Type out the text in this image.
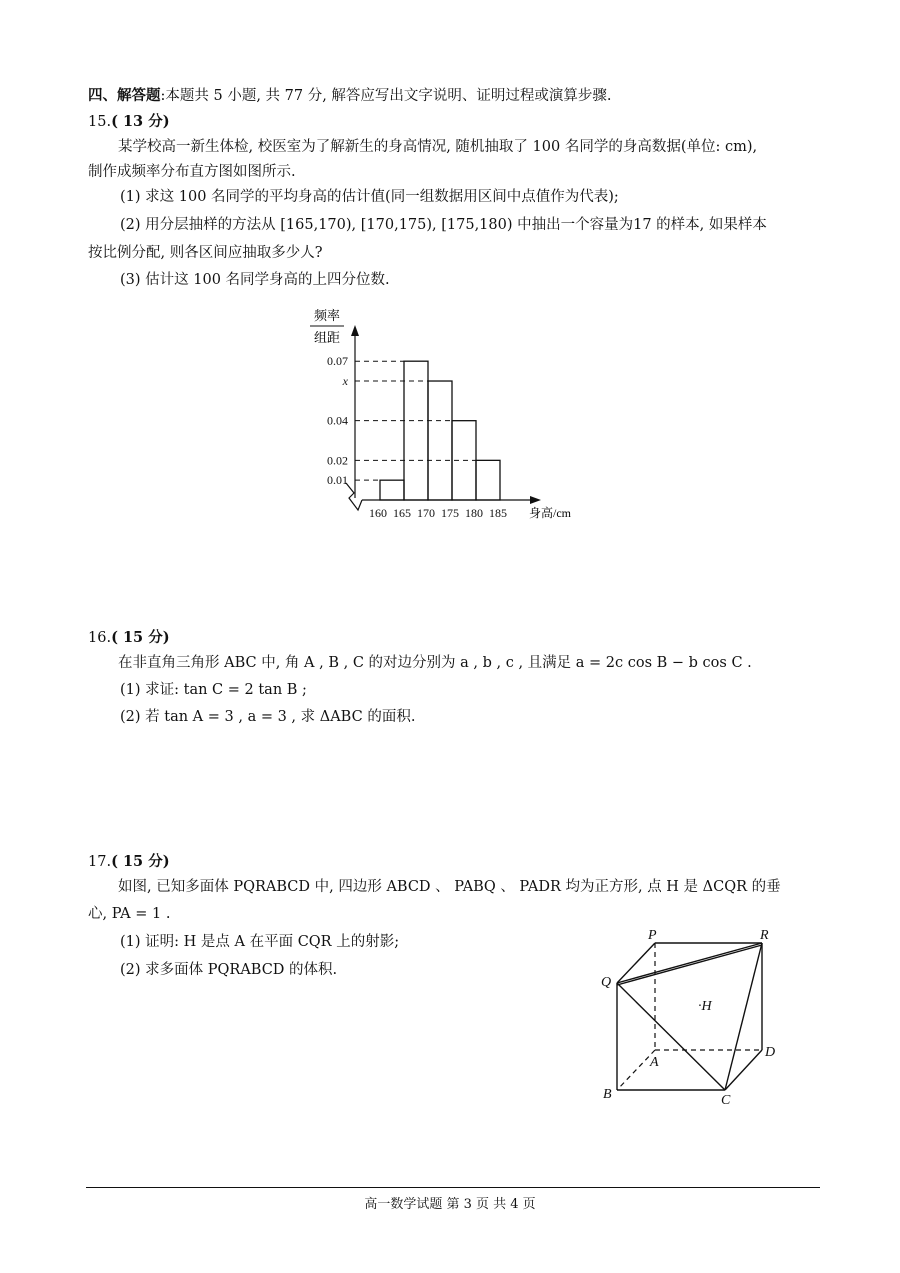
四、解答题:本题共 5 小题, 共 77 分, 解答应写出文字说明、证明过程或演算步骤.
15.( 13 分)
某学校高一新生体检, 校医室为了解新生的身高情况, 随机抽取了 100 名同学的身高数据(单位: cm),
制作成频率分布直方图如图所示.
(1) 求这 100 名同学的平均身高的估计值(同一组数据用区间中点值作为代表);
(2) 用分层抽样的方法从 [165,170), [170,175), [175,180) 中抽出一个容量为17 的样本, 如果样本
按比例分配, 则各区间应抽取多少人?
(3) 估计这 100 名同学身高的上四分位数.
频率
组距
身高/cm
0.07
x
0.04
0.02
0.01
160 165 170 175 180 185
16.( 15 分)
在非直角三角形 ABC 中, 角 A , B , C 的对边分别为 a , b , c , 且满足 a = 2c cos B − b cos C .
(1) 求证: tan C = 2 tan B ;
(2) 若 tan A = 3 , a = 3 , 求 ΔABC 的面积.
17.( 15 分)
如图, 已知多面体 PQRABCD 中, 四边形 ABCD 、 PABQ 、 PADR 均为正方形, 点 H 是 ΔCQR 的垂
心, PA = 1 .
(1) 证明: H 是点 A 在平面 CQR 上的射影;
(2) 求多面体 PQRABCD 的体积.
P	R
Q
·H
A
D
B	C
高一数学试题 第 3 页 共 4 页
